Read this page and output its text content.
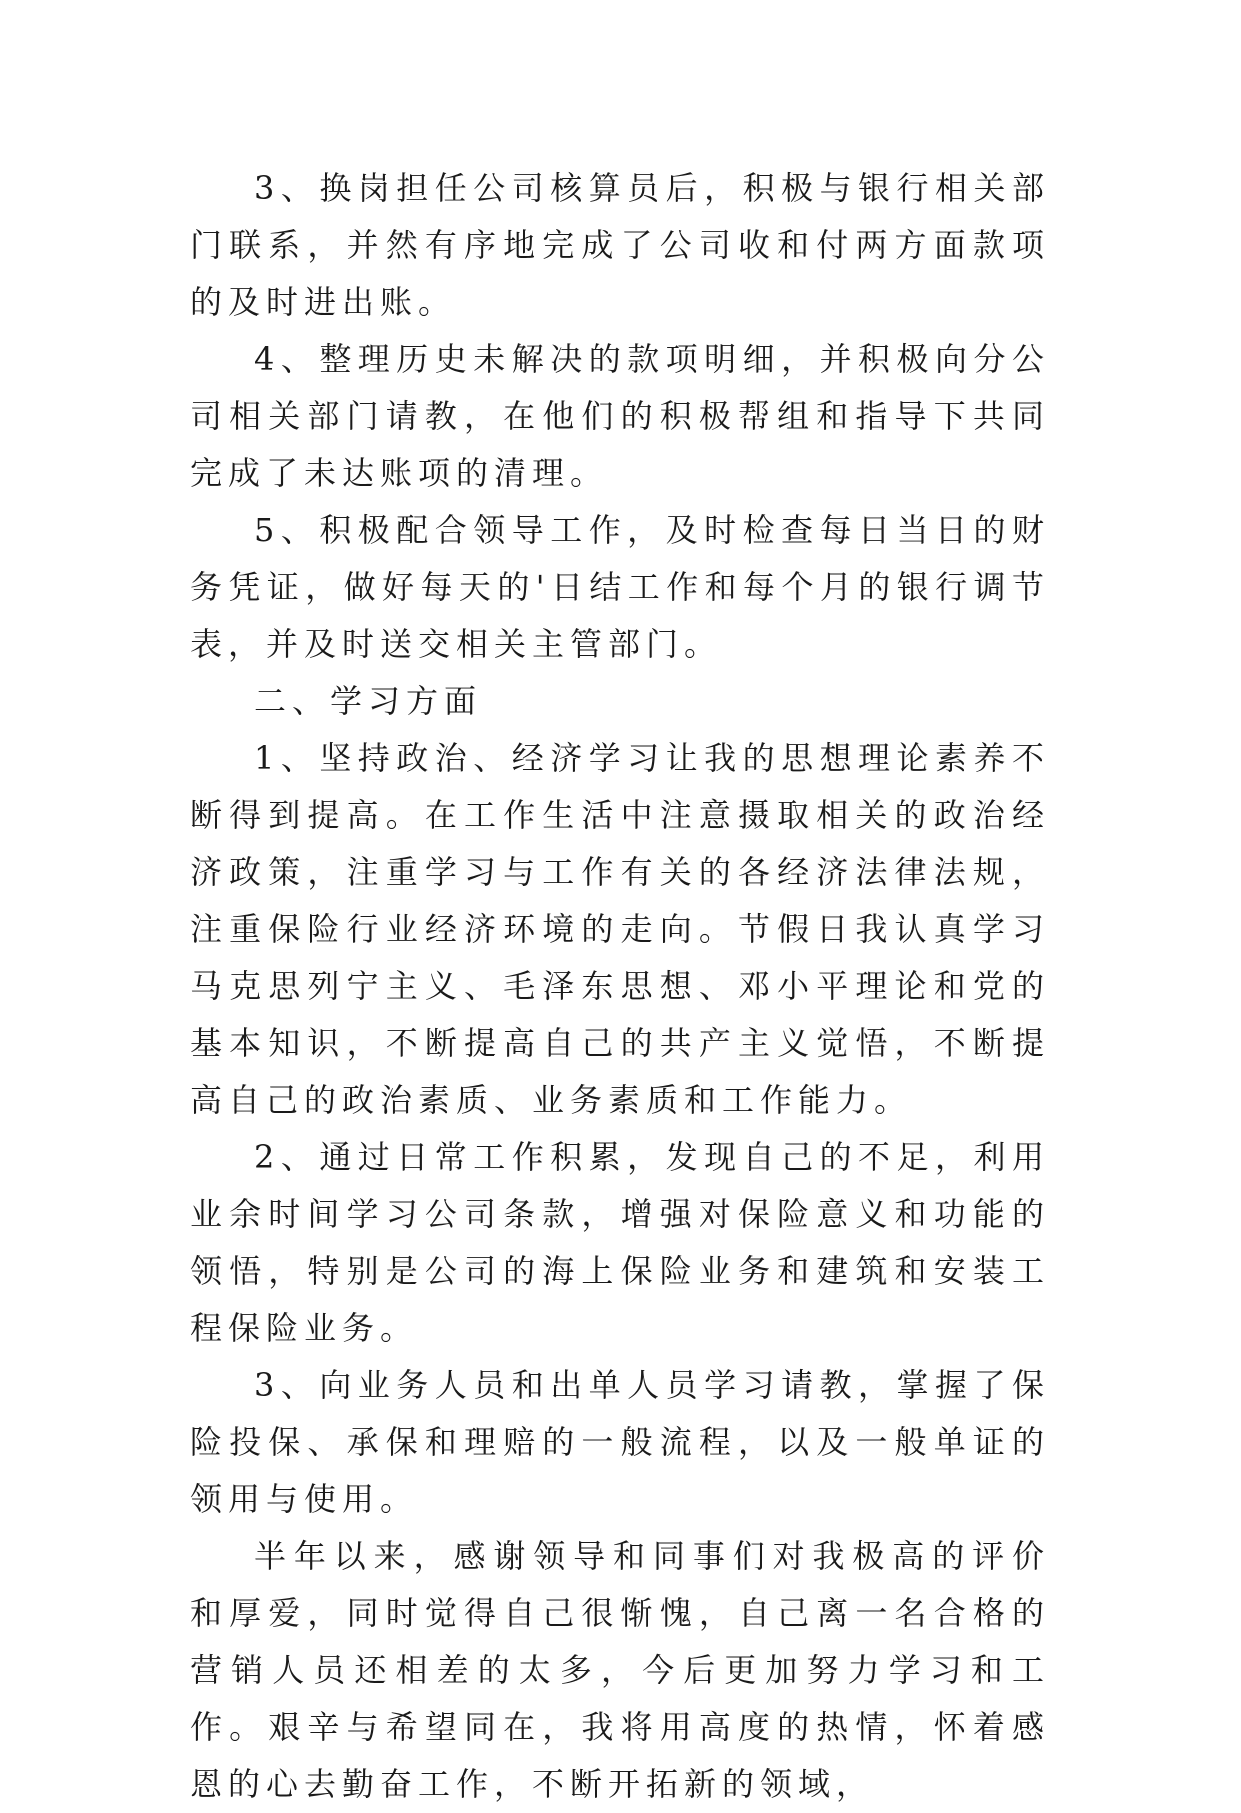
3、换岗担任公司核算员后，积极与银行相关部门联系，并然有序地完成了公司收和付两方面款项的及时进出账。

4、整理历史未解决的款项明细，并积极向分公司相关部门请教，在他们的积极帮组和指导下共同完成了未达账项的清理。

5、积极配合领导工作，及时检查每日当日的财务凭证，做好每天的'日结工作和每个月的银行调节表，并及时送交相关主管部门。

二、学习方面

1、坚持政治、经济学习让我的思想理论素养不断得到提高。在工作生活中注意摄取相关的政治经济政策，注重学习与工作有关的各经济法律法规，注重保险行业经济环境的走向。节假日我认真学习马克思列宁主义、毛泽东思想、邓小平理论和党的基本知识，不断提高自己的共产主义觉悟，不断提高自己的政治素质、业务素质和工作能力。

2、通过日常工作积累，发现自己的不足，利用业余时间学习公司条款，增强对保险意义和功能的领悟，特别是公司的海上保险业务和建筑和安装工程保险业务。

3、向业务人员和出单人员学习请教，掌握了保险投保、承保和理赔的一般流程，以及一般单证的领用与使用。

半年以来，感谢领导和同事们对我极高的评价和厚爱，同时觉得自己很惭愧，自己离一名合格的营销人员还相差的太多，今后更加努力学习和工作。艰辛与希望同在，我将用高度的热情，怀着感恩的心去勤奋工作，不断开拓新的领域，
